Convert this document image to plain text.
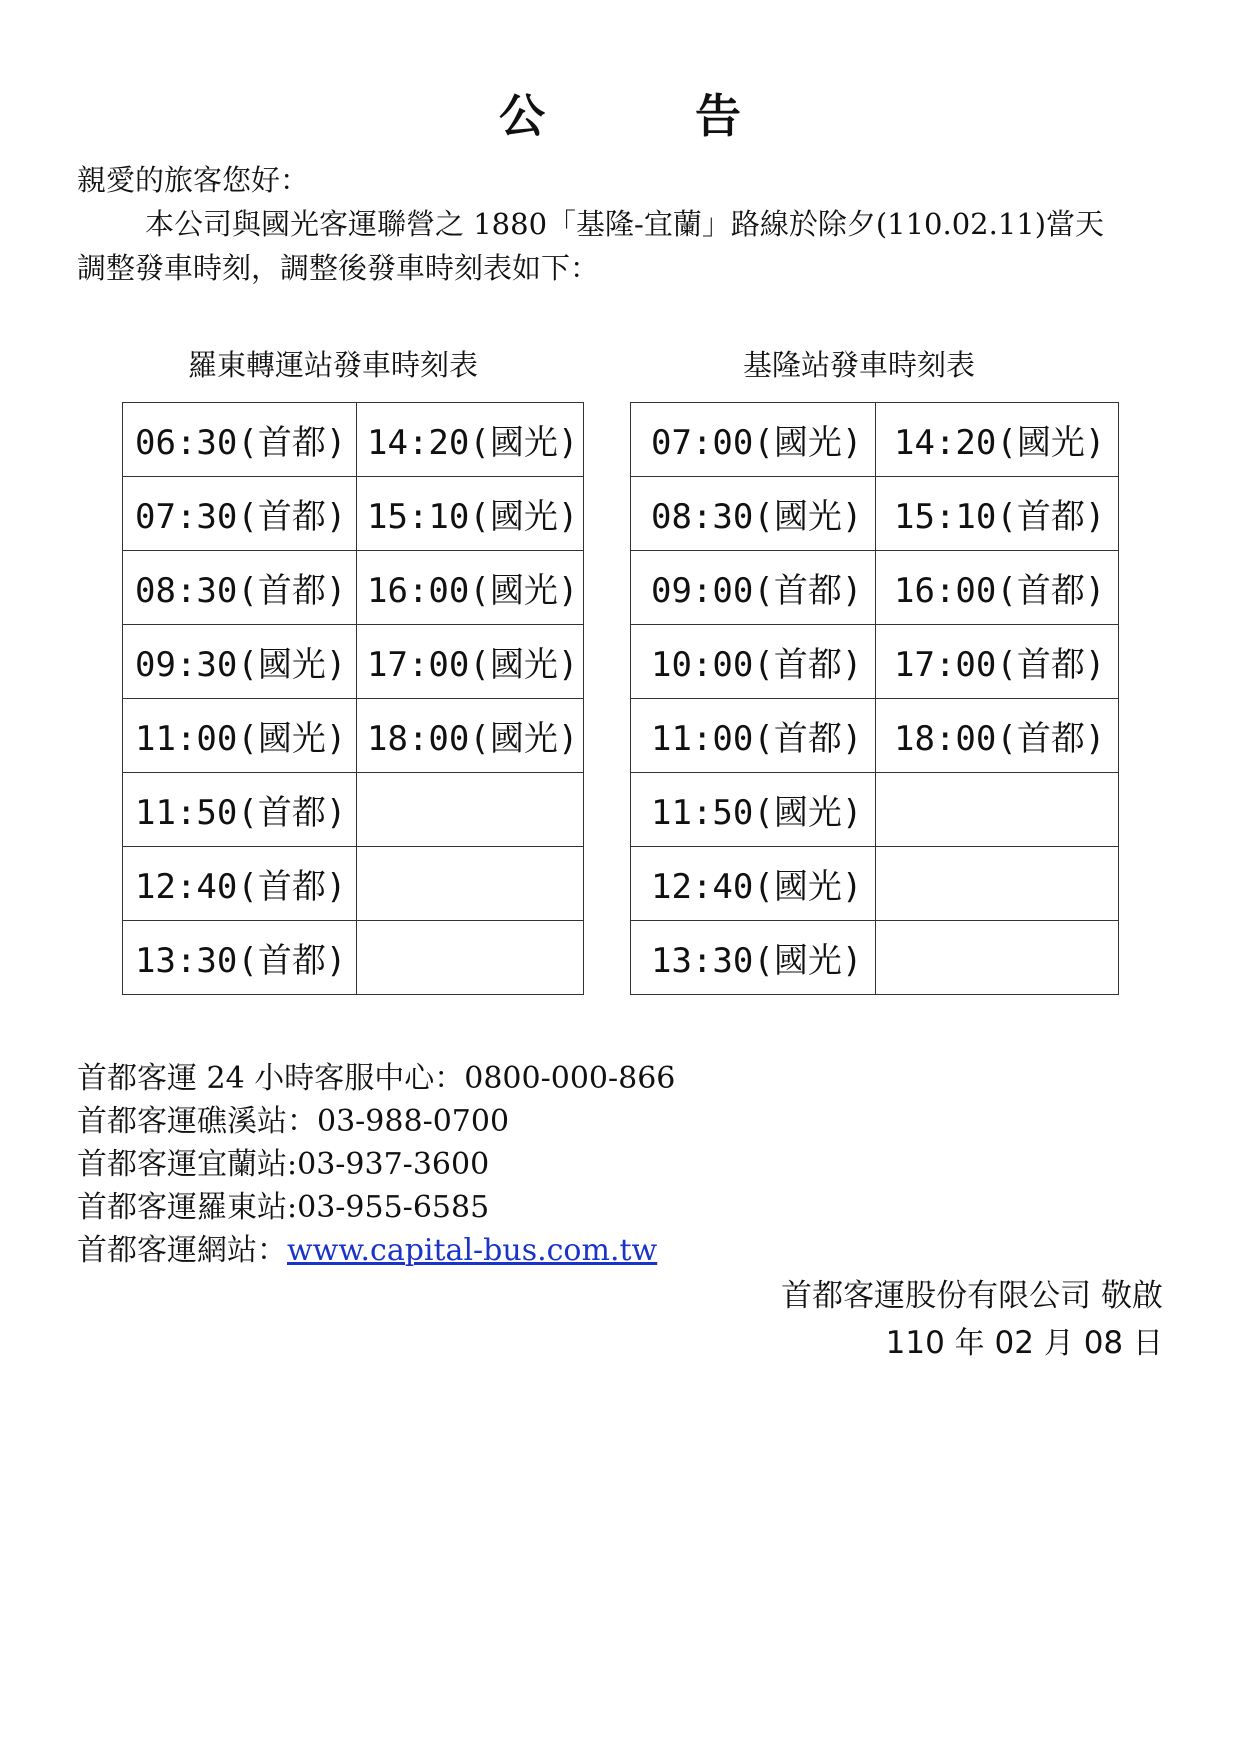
公	告
親愛的旅客您好：
本公司與國光客運聯營之 1880「基隆-宜蘭」路線於除夕(110.02.11)當天
調整發車時刻，調整後發車時刻表如下：
羅東轉運站發車時刻表	基隆站發車時刻表
06:30(首都)	14:20(國光)
07:30(首都)	15:10(國光)
08:30(首都)	16:00(國光)
09:30(國光)	17:00(國光)
11:00(國光)	18:00(國光)
11:50(首都)	
12:40(首都)	
13:30(首都)	
07:00(國光)	14:20(國光)
08:30(國光)	15:10(首都)
09:00(首都)	16:00(首都)
10:00(首都)	17:00(首都)
11:00(首都)	18:00(首都)
11:50(國光)	
12:40(國光)	
13:30(國光)	
首都客運 24 小時客服中心：0800-000-866
首都客運礁溪站：03-988-0700
首都客運宜蘭站:03-937-3600
首都客運羅東站:03-955-6585
首都客運網站：www.capital-bus.com.tw
首都客運股份有限公司 敬啟
110 年 02 月 08 日
